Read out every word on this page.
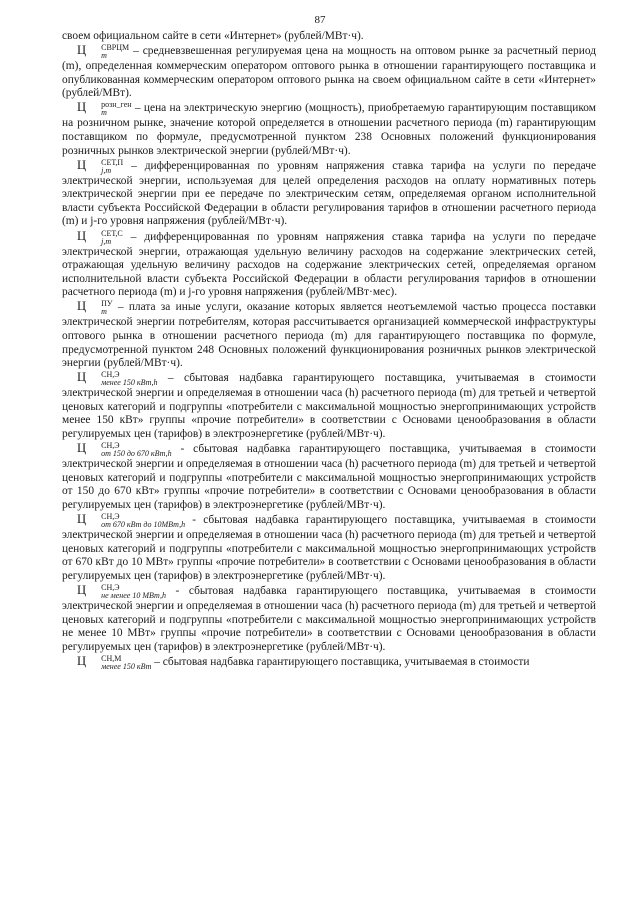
87

своем официальном сайте в сети «Интернет» (рублей/МВт·ч).

Ц	СВРЦМ
m	– средневзвешенная регулируемая цена на мощность на оптовом рынке за расчетный период (m), определенная коммерческим оператором оптового рынка в отношении гарантирующего поставщика и опубликованная коммерческим оператором оптового рынка на своем официальном сайте в сети «Интернет» (рублей/МВт).

Ц	розн_ген
m	– цена на электрическую энергию (мощность), приобретаемую гарантирующим поставщиком на розничном рынке, значение которой определяется в отношении расчетного периода (m) гарантирующим поставщиком по формуле, предусмотренной пунктом 238 Основных положений функционирования розничных рынков электрической энергии (рублей/МВт·ч).

Ц	СЕТ,П
j,m	– дифференцированная по уровням напряжения ставка тарифа на услуги по передаче электрической энергии, используемая для целей определения расходов на оплату нормативных потерь электрической энергии при ее передаче по электрическим сетям, определяемая органом исполнительной власти субъекта Российской Федерации в области регулирования тарифов в отношении расчетного периода (m) и j-го уровня напряжения (рублей/МВт·ч).

Ц	СЕТ,С
j,m	– дифференцированная по уровням напряжения ставка тарифа на услуги по передаче электрической энергии, отражающая удельную величину расходов на содержание электрических сетей, отражающая удельную величину расходов на содержание электрических сетей, определяемая органом исполнительной власти субъекта Российской Федерации в области регулирования тарифов в отношении расчетного периода (m) и j-го уровня напряжения (рублей/МВт·мес).

Ц	ПУ
m – плата за иные услуги, оказание которых является неотъемлемой частью процесса поставки электрической энергии потребителям, которая рассчитывается организацией коммерческой инфраструктуры оптового рынка в отношении расчетного периода (m) для гарантирующего поставщика по формуле, предусмотренной пунктом 248 Основных положений функционирования розничных рынков электрической энергии (рублей/МВт·ч).

Ц	СН,Э
менее 150 кВт,h – сбытовая надбавка гарантирующего поставщика, учитываемая в стоимости электрической энергии и определяемая в отношении часа (h) расчетного периода (m) для третьей и четвертой ценовых категорий и подгруппы «потребители с максимальной мощностью энергопринимающих устройств менее 150 кВт» группы «прочие потребители» в соответствии с Основами ценообразования в области регулируемых цен (тарифов) в электроэнергетике (рублей/МВт·ч).

Ц	СН,Э
от 150 до 670 кВт,h - сбытовая надбавка гарантирующего поставщика, учитываемая в стоимости электрической энергии и определяемая в отношении часа (h) расчетного периода (m) для третьей и четвертой ценовых категорий и подгруппы «потребители с максимальной мощностью энергопринимающих устройств от 150 до 670 кВт» группы «прочие потребители» в соответствии с Основами ценообразования в области регулируемых цен (тарифов) в электроэнергетике (рублей/МВт·ч).

Ц	СН,Э
от 670 кВт до 10МВт,h - сбытовая надбавка гарантирующего поставщика, учитываемая в стоимости электрической энергии и определяемая в отношении часа (h) расчетного периода (m) для третьей и четвертой ценовых категорий и подгруппы «потребители с максимальной мощностью энергопринимающих устройств от 670 кВт до 10 МВт» группы «прочие потребители» в соответствии с Основами ценообразования в области регулируемых цен (тарифов) в электроэнергетике (рублей/МВт·ч).

Ц	СН,Э
не менее 10 МВт,h - сбытовая надбавка гарантирующего поставщика, учитываемая в стоимости электрической энергии и определяемая в отношении часа (h) расчетного периода (m) для третьей и четвертой ценовых категорий и подгруппы «потребители с максимальной мощностью энергопринимающих устройств не менее 10 МВт» группы «прочие потребители» в соответствии с Основами ценообразования в области регулируемых цен (тарифов) в электроэнергетике (рублей/МВт·ч).

Ц	СН,М
менее 150 кВт – сбытовая надбавка гарантирующего поставщика, учитываемая в стоимости
